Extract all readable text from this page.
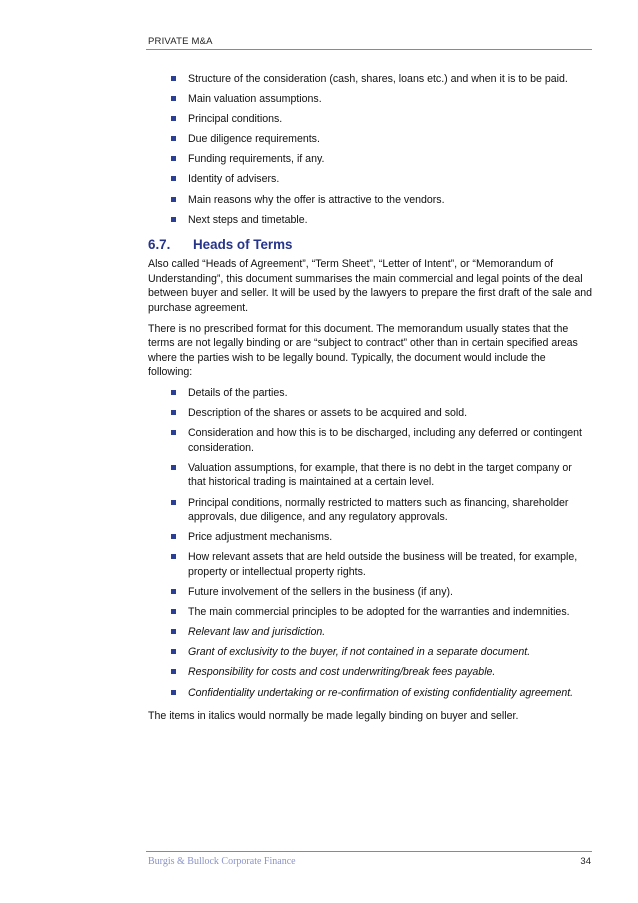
PRIVATE M&A
Structure of the consideration (cash, shares, loans etc.) and when it is to be paid.
Main valuation assumptions.
Principal conditions.
Due diligence requirements.
Funding requirements, if any.
Identity of advisers.
Main reasons why the offer is attractive to the vendors.
Next steps and timetable.
6.7.	Heads of Terms

Also called “Heads of Agreement”, “Term Sheet”, “Letter of Intent”, or “Memorandum of Understanding”, this document summarises the main commercial and legal points of the deal between buyer and seller. It will be used by the lawyers to prepare the first draft of the sale and purchase agreement.

There is no prescribed format for this document. The memorandum usually states that the terms are not legally binding or are “subject to contract” other than in certain specified areas where the parties wish to be legally bound. Typically, the document would include the following:

Details of the parties.
Description of the shares or assets to be acquired and sold.
Consideration and how this is to be discharged, including any deferred or contingent consideration.
Valuation assumptions, for example, that there is no debt in the target company or that historical trading is maintained at a certain level.
Principal conditions, normally restricted to matters such as financing, shareholder approvals, due diligence, and any regulatory approvals.
Price adjustment mechanisms.
How relevant assets that are held outside the business will be treated, for example, property or intellectual property rights.
Future involvement of the sellers in the business (if any).
The main commercial principles to be adopted for the warranties and indemnities.
Relevant law and jurisdiction.
Grant of exclusivity to the buyer, if not contained in a separate document.
Responsibility for costs and cost underwriting/break fees payable.
Confidentiality undertaking or re-confirmation of existing confidentiality agreement.

The items in italics would normally be made legally binding on buyer and seller.

Burgis & Bullock Corporate Finance	34
